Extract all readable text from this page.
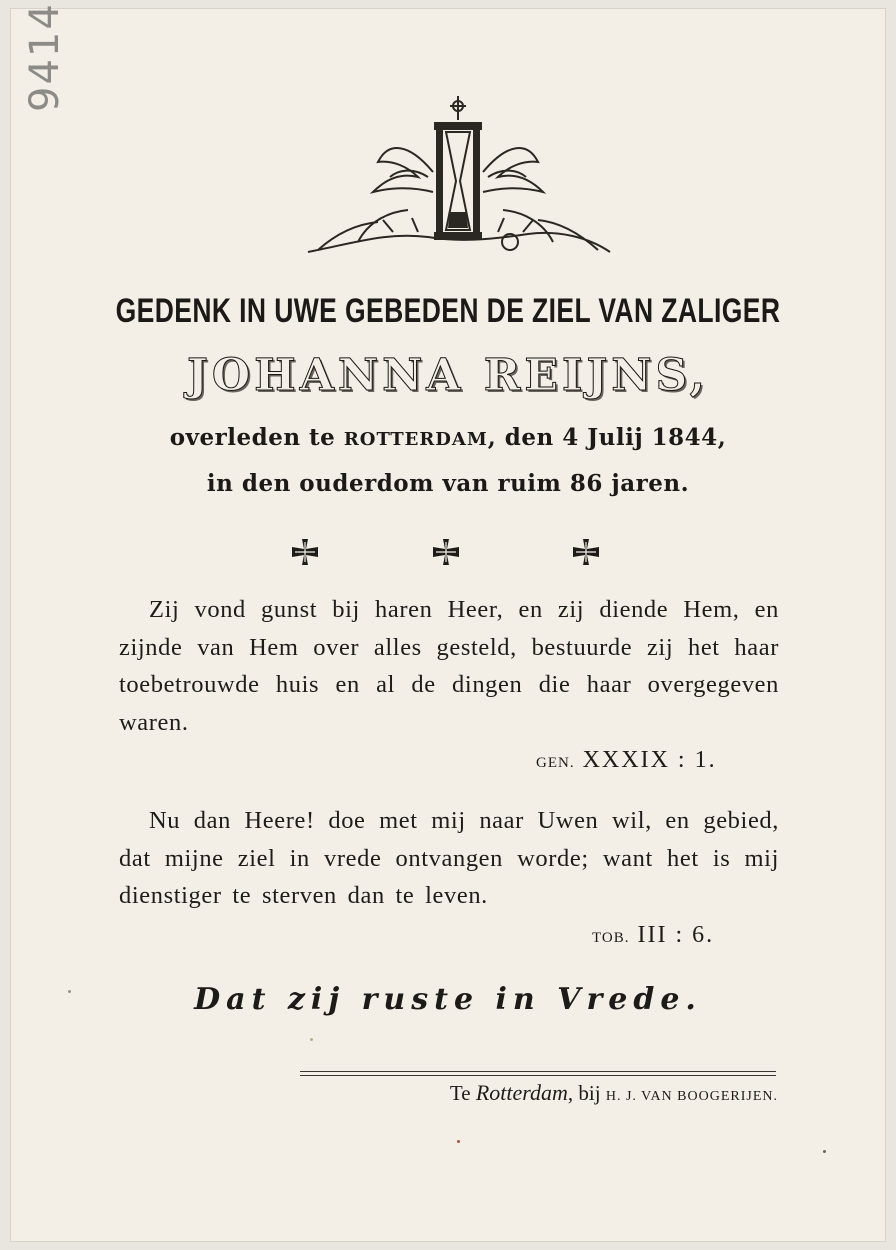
9414
GEDENK IN UWE GEBEDEN DE ZIEL VAN ZALIGER
JOHANNA REIJNS,
overleden te ROTTERDAM, den 4 Julij 1844,
in den ouderdom van ruim 86 jaren.

Zij vond gunst bij haren Heer, en zij diende Hem, en zijnde van Hem over alles gesteld, bestuurde zij het haar toebetrouwde huis en al de dingen die haar overgegeven waren.

GEN. XXXIX : 1.

Nu dan Heere! doe met mij naar Uwen wil, en gebied, dat mijne ziel in vrede ontvangen worde; want het is mij dienstiger te sterven dan te leven.

TOB. III : 6.
Dat zij ruste in Vrede.
Te Rotterdam, bij H. J. VAN BOOGERIJEN.
